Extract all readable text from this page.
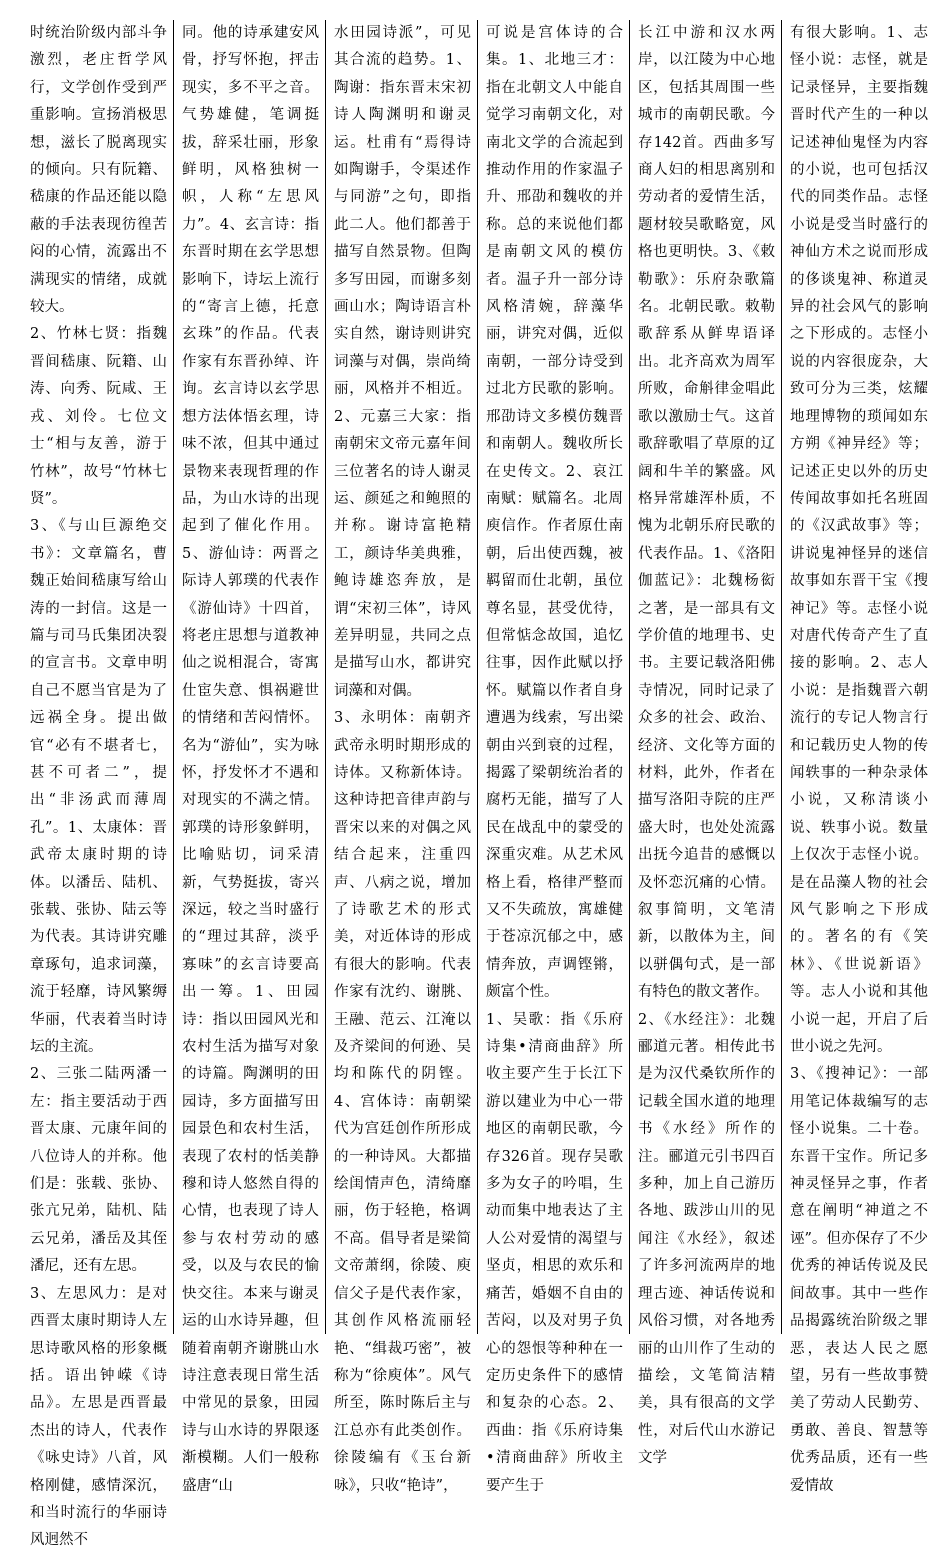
时统治阶级内部斗争激烈，老庄哲学风行，文学创作受到严重影响。宣扬消极思想，滋长了脱离现实的倾向。只有阮籍、嵇康的作品还能以隐蔽的手法表现彷徨苦闷的心情，流露出不满现实的情绪，成就较大。

2、竹林七贤：指魏晋间嵇康、阮籍、山涛、向秀、阮咸、王戎、刘伶。七位文士“相与友善，游于竹林”，故号“竹林七贤”。

3、《与山巨源绝交书》：文章篇名，曹魏正始间嵇康写给山涛的一封信。这是一篇与司马氏集团决裂的宣言书。文章申明自己不愿当官是为了远祸全身。提出做官“必有不堪者七，甚不可者二”，提出“非汤武而薄周孔”。1、太康体：晋武帝太康时期的诗体。以潘岳、陆机、张载、张协、陆云等为代表。其诗讲究雕章琢句，追求词藻，流于轻靡，诗风繁缛华丽，代表着当时诗坛的主流。

2、三张二陆两潘一左：指主要活动于西晋太康、元康年间的八位诗人的并称。他们是：张载、张协、张亢兄弟，陆机、陆云兄弟，潘岳及其侄潘尼，还有左思。

3、左思风力：是对西晋太康时期诗人左思诗歌风格的形象概括。语出钟嵘《诗品》。左思是西晋最杰出的诗人，代表作《咏史诗》八首，风格刚健，感情深沉，和当时流行的华丽诗风迥然不

同。他的诗承建安风骨，抒写怀抱，抨击现实，多不平之音。气势雄健，笔调挺拔，辞采壮丽，形象鲜明，风格独树一帜，人称“左思风力”。4、玄言诗：指东晋时期在玄学思想影响下，诗坛上流行的“寄言上德，托意玄珠”的作品。代表作家有东晋孙绰、许询。玄言诗以玄学思想方法体悟玄理，诗味不浓，但其中通过景物来表现哲理的作品，为山水诗的出现起到了催化作用。5、游仙诗：两晋之际诗人郭璞的代表作《游仙诗》十四首，将老庄思想与道教神仙之说相混合，寄寓仕宦失意、惧祸避世的情绪和苦闷情怀。名为“游仙”，实为咏怀，抒发怀才不遇和对现实的不满之情。郭璞的诗形象鲜明，比喻贴切，词采清新，气势挺拔，寄兴深远，较之当时盛行的“理过其辞，淡乎寡味”的玄言诗要高出一筹。1、田园诗：指以田园风光和农村生活为描写对象的诗篇。陶渊明的田园诗，多方面描写田园景色和农村生活，表现了农村的恬美静穆和诗人悠然自得的心情，也表现了诗人参与农村劳动的感受，以及与农民的愉快交往。本来与谢灵运的山水诗异趣，但随着南朝齐谢朓山水诗注意表现日常生活中常见的景象，田园诗与山水诗的界限逐渐模糊。人们一般称盛唐“山

水田园诗派”，可见其合流的趋势。1、陶谢：指东晋末宋初诗人陶渊明和谢灵运。杜甫有“焉得诗如陶谢手，令渠述作与同游”之句，即指此二人。他们都善于描写自然景物。但陶多写田园，而谢多刻画山水；陶诗语言朴实自然，谢诗则讲究词藻与对偶，崇尚绮丽，风格并不相近。2、元嘉三大家：指南朝宋文帝元嘉年间三位著名的诗人谢灵运、颜延之和鲍照的并称。谢诗富艳精工，颜诗华美典雅，鲍诗雄恣奔放，是谓“宋初三体”，诗风差异明显，共同之点是描写山水，都讲究词藻和对偶。

3、永明体：南朝齐武帝永明时期形成的诗体。又称新体诗。这种诗把音律声韵与晋宋以来的对偶之风结合起来，注重四声、八病之说，增加了诗歌艺术的形式美，对近体诗的形成有很大的影响。代表作家有沈约、谢朓、王融、范云、江淹以及齐梁间的何逊、吴均和陈代的阴铿。4、宫体诗：南朝梁代为宫廷创作所形成的一种诗风。大都描绘闺情声色，清绮靡丽，伤于轻艳，格调不高。倡导者是梁简文帝萧纲，徐陵、庾信父子是代表作家，其创作风格流丽轻艳、“缉裁巧密”，被称为“徐庾体”。风气所至，陈时陈后主与江总亦有此类创作。徐陵编有《玉台新咏》，只收“艳诗”，

可说是宫体诗的合集。1、北地三才：指在北朝文人中能自觉学习南朝文化，对南北文学的合流起到推动作用的作家温子升、邢劭和魏收的并称。总的来说他们都是南朝文风的模仿者。温子升一部分诗风格清婉，辞藻华丽，讲究对偶，近似南朝，一部分诗受到过北方民歌的影响。邢劭诗文多模仿魏晋和南朝人。魏收所长在史传文。2、哀江南赋：赋篇名。北周庾信作。作者原仕南朝，后出使西魏，被羁留而仕北朝，虽位尊名显，甚受优待，但常惦念故国，追忆往事，因作此赋以抒怀。赋篇以作者自身遭遇为线索，写出梁朝由兴到衰的过程，揭露了梁朝统治者的腐朽无能，描写了人民在战乱中的蒙受的深重灾难。从艺术风格上看，格律严整而又不失疏放，寓雄健于苍凉沉郁之中，感情奔放，声调铿锵，颇富个性。

1、吴歌：指《乐府诗集•清商曲辞》所收主要产生于长江下游以建业为中心一带地区的南朝民歌，今存326首。现存吴歌多为女子的吟唱，生动而集中地表达了主人公对爱情的渴望与坚贞，相思的欢乐和痛苦，婚姻不自由的苦闷，以及对男子负心的怨恨等种种在一定历史条件下的感情和复杂的心态。2、西曲：指《乐府诗集•清商曲辞》所收主要产生于

长江中游和汉水两岸，以江陵为中心地区，包括其周围一些城市的南朝民歌。今存142首。西曲多写商人妇的相思离别和劳动者的爱情生活，题材较吴歌略宽，风格也更明快。3、《敕勒歌》：乐府杂歌篇名。北朝民歌。敕勒歌辞系从鲜卑语译出。北齐高欢为周军所败，命斛律金唱此歌以激励士气。这首歌辞歌唱了草原的辽阔和牛羊的繁盛。风格异常雄浑朴质，不愧为北朝乐府民歌的代表作品。1、《洛阳伽蓝记》：北魏杨衒之著，是一部具有文学价值的地理书、史书。主要记载洛阳佛寺情况，同时记录了众多的社会、政治、经济、文化等方面的材料，此外，作者在描写洛阳寺院的庄严盛大时，也处处流露出抚今追昔的感慨以及怀恋沉痛的心情。叙事简明，文笔清新，以散体为主，间以骈偶句式，是一部有特色的散文著作。

2、《水经注》：北魏郦道元著。相传此书是为汉代桑钦所作的记载全国水道的地理书《水经》所作的注。郦道元引书四百多种，加上自己游历各地、跋涉山川的见闻注《水经》，叙述了许多河流两岸的地理古迹、神话传说和风俗习惯，对各地秀丽的山川作了生动的描绘，文笔简洁精美，具有很高的文学性，对后代山水游记文学

有很大影响。1、志怪小说：志怪，就是记录怪异，主要指魏晋时代产生的一种以记述神仙鬼怪为内容的小说，也可包括汉代的同类作品。志怪小说是受当时盛行的神仙方术之说而形成的侈谈鬼神、称道灵异的社会风气的影响之下形成的。志怪小说的内容很庞杂，大致可分为三类，炫耀地理博物的琐闻如东方朔《神异经》等；记述正史以外的历史传闻故事如托名班固的《汉武故事》等；讲说鬼神怪异的迷信故事如东晋干宝《搜神记》等。志怪小说对唐代传奇产生了直接的影响。2、志人小说：是指魏晋六朝流行的专记人物言行和记载历史人物的传闻轶事的一种杂录体小说，又称清谈小说、轶事小说。数量上仅次于志怪小说。是在品藻人物的社会风气影响之下形成的。著名的有《笑林》、《世说新语》等。志人小说和其他小说一起，开启了后世小说之先河。

3、《搜神记》：一部用笔记体裁编写的志怪小说集。二十卷。东晋干宝作。所记多神灵怪异之事，作者意在阐明“神道之不诬”。但亦保存了不少优秀的神话传说及民间故事。其中一些作品揭露统治阶级之罪恶，表达人民之愿望，另有一些故事赞美了劳动人民勤劳、勇敢、善良、智慧等优秀品质，还有一些爱情故
